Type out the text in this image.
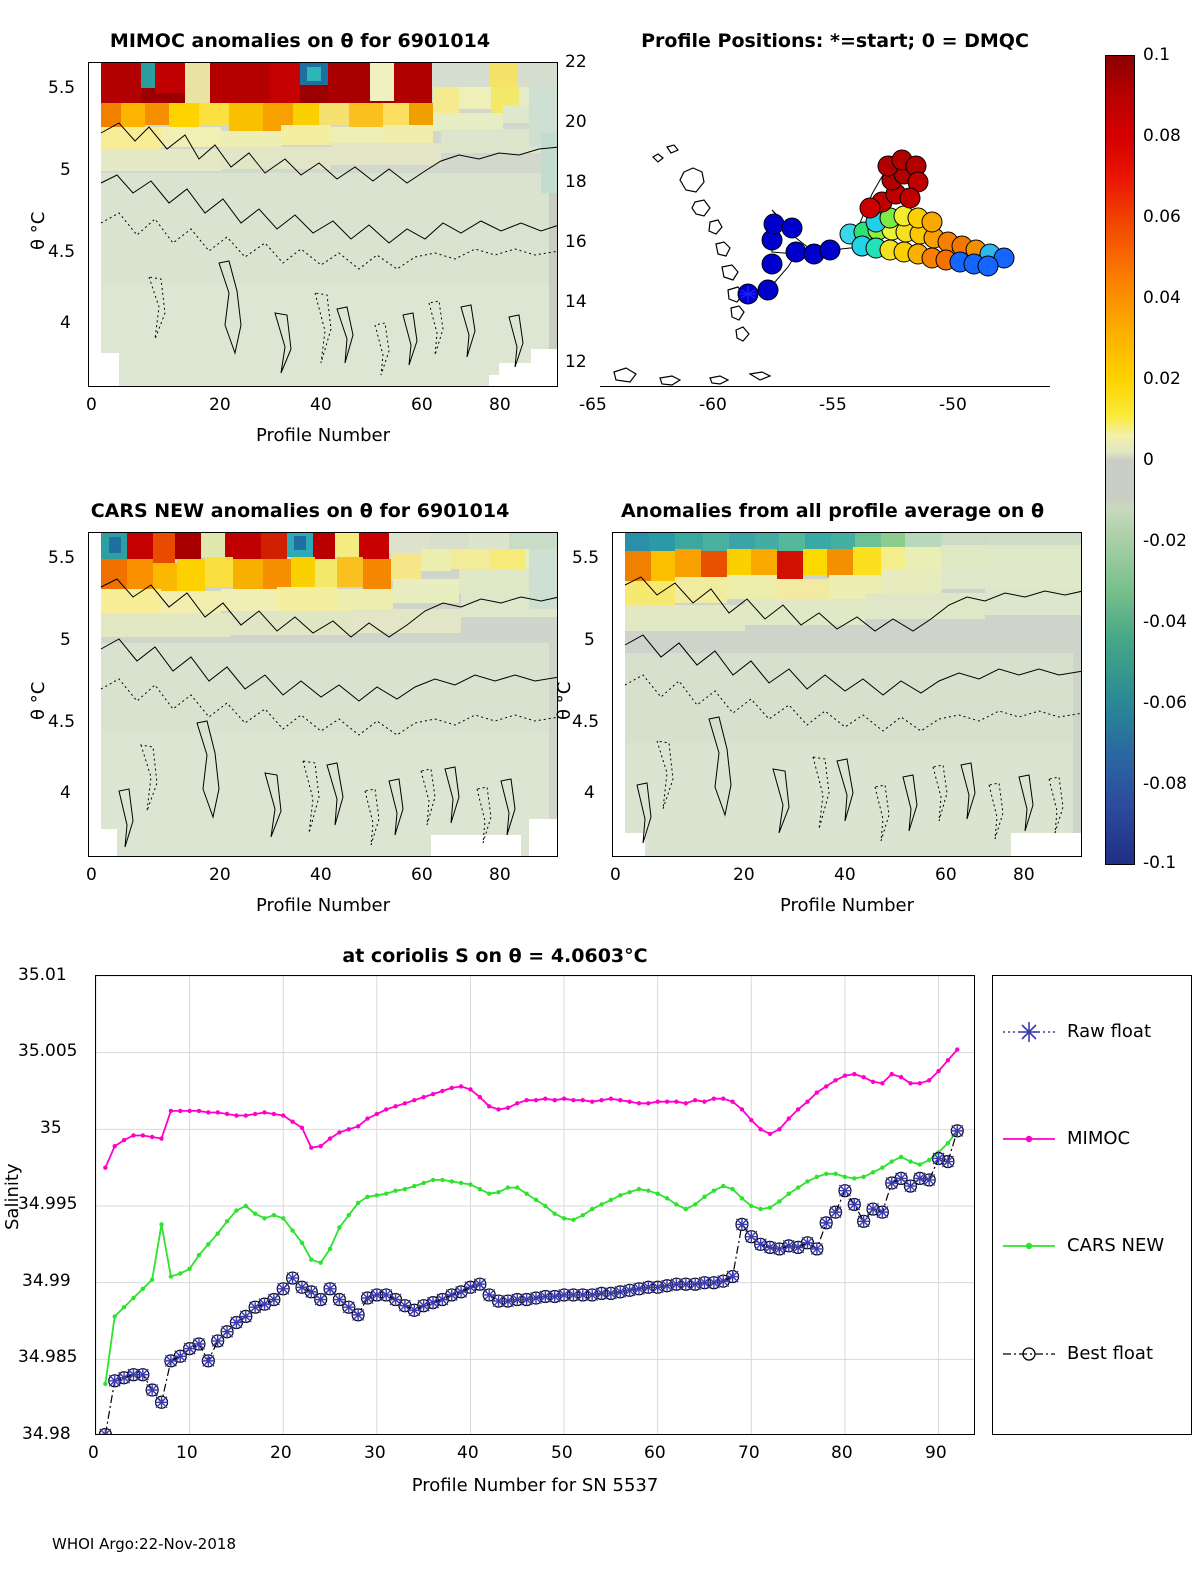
MIMOC anomalies on θ for 6901014
θ °C
5.5
5
4.5
4
0	20	40	60	80
Profile Number
Profile Positions: *=start; 0 = DMQC
22
20
18
16
14
12
-65	-60	-55	-50
0.1
0.08
0.06
0.04
0.02
0
-0.02
-0.04
-0.06
-0.08
-0.1
CARS NEW anomalies on θ for 6901014
θ °C
5.5
5
4.5
4
0	20	40	60	80
Profile Number
Anomalies from all profile average on θ
θ °C
5.5
5
4.5
4
0	20	40	60	80
Profile Number
at coriolis S on θ = 4.0603°C
Salinity
35.01
35.005
35
34.995
34.99
34.985
34.98
0	10	20	30	40	50	60	70	80	90
Profile Number for SN 5537
Raw float
MIMOC
CARS NEW
Best float
WHOI Argo:22-Nov-2018
